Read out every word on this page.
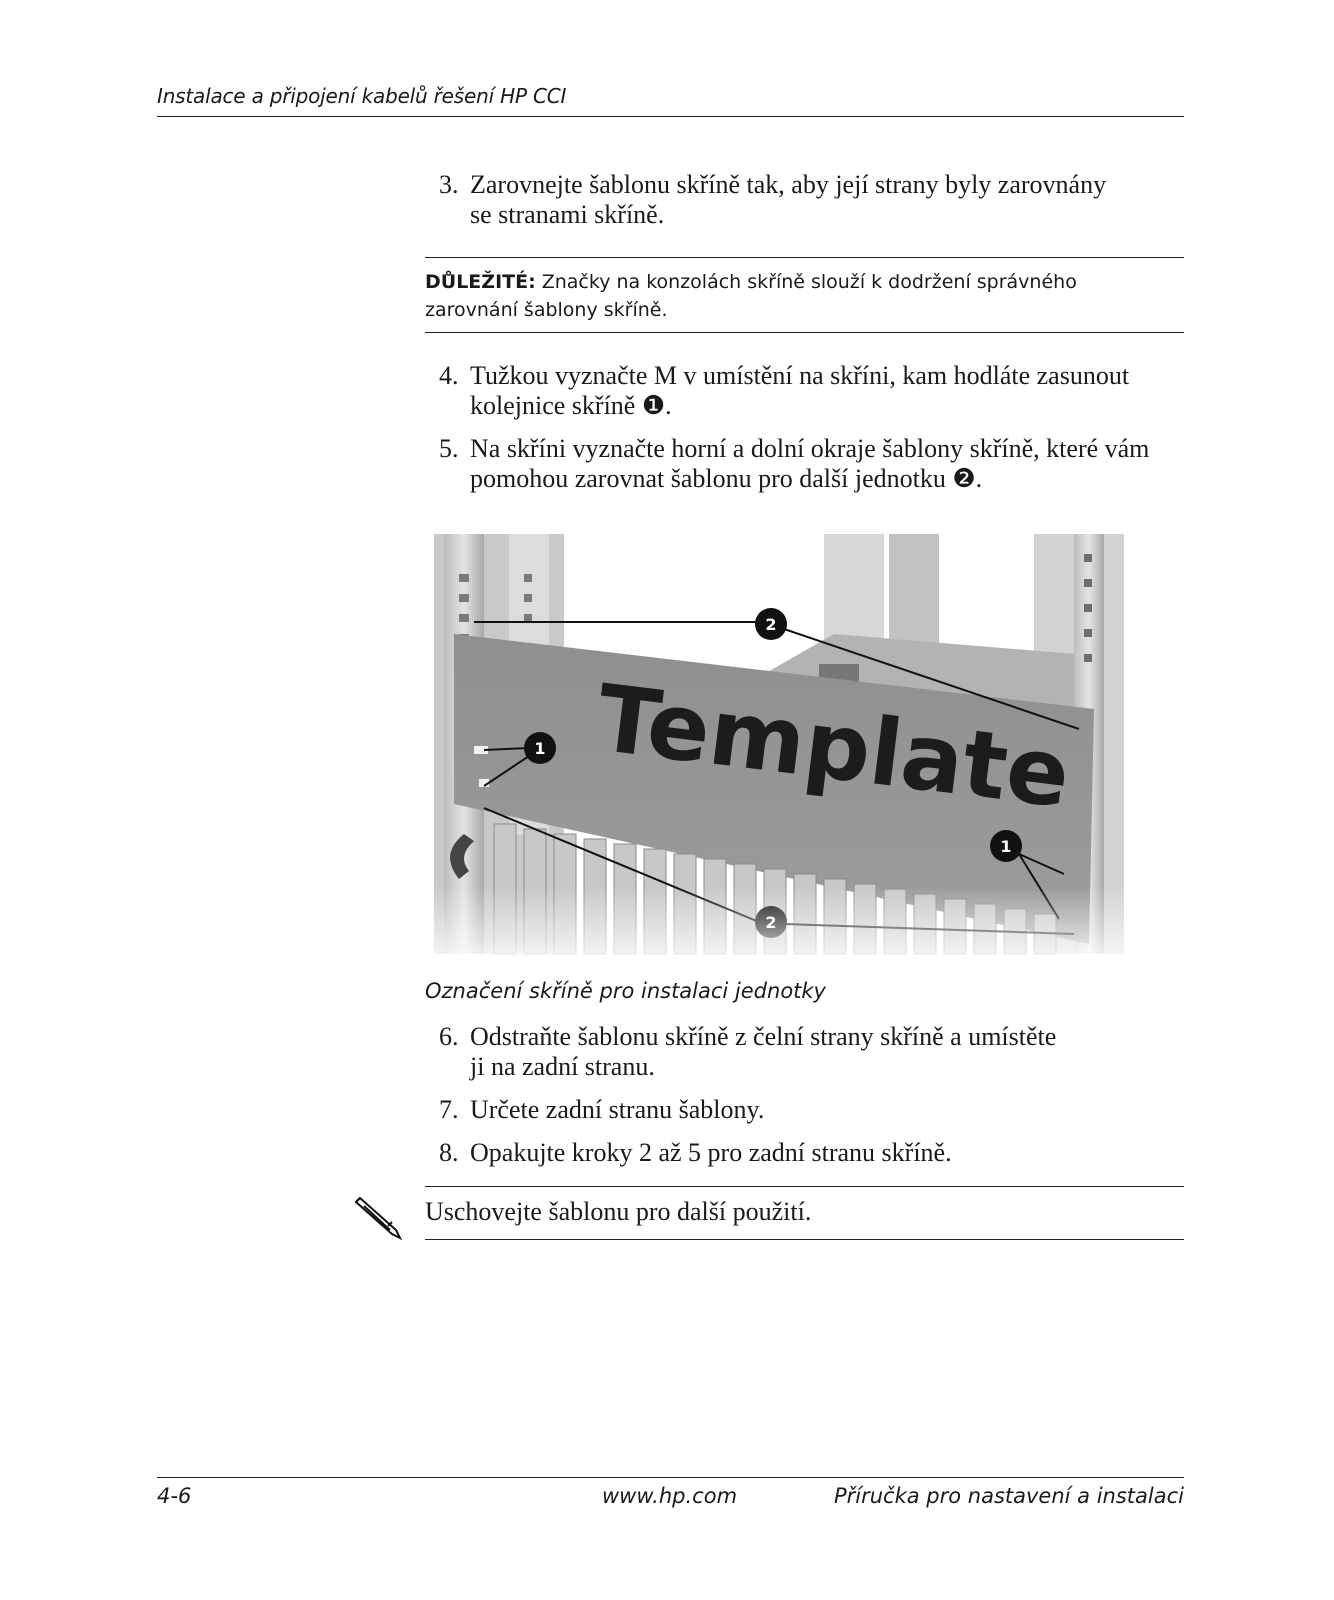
Instalace a připojení kabelů řešení HP CCI
3. Zarovnejte šablonu skříně tak, aby její strany byly zarovnány
se stranami skříně.
DŮLEŽITÉ: Značky na konzolách skříně slouží k dodržení správného
zarovnání šablony skříně.
4. Tužkou vyznačte M v umístění na skříni, kam hodláte zasunout
kolejnice skříně ❶.
5. Na skříni vyznačte horní a dolní okraje šablony skříně, které vám
pomohou zarovnat šablonu pro další jednotku ❷.
Označení skříně pro instalaci jednotky
6. Odstraňte šablonu skříně z čelní strany skříně a umístěte
ji na zadní stranu.
7. Určete zadní stranu šablony.
8. Opakujte kroky 2 až 5 pro zadní stranu skříně.
Uschovejte šablonu pro další použití.
4-6	www.hp.com	Příručka pro nastavení a instalaci
